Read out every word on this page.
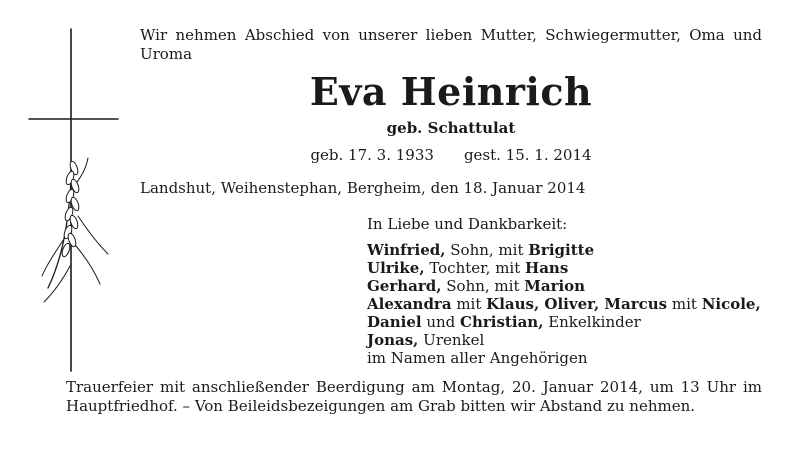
Wir nehmen Abschied von unserer lieben Mutter, Schwiegermutter, Oma und Uroma
Eva Heinrich
geb. Schattulat
geb. 17. 3. 1933 gest. 15. 1. 2014
Landshut, Weihenstephan, Bergheim, den 18. Januar 2014
In Liebe und Dankbarkeit:
Winfried, Sohn, mit Brigitte
Ulrike, Tochter, mit Hans
Gerhard, Sohn, mit Marion
Alexandra mit Klaus, Oliver, Marcus mit Nicole,
Daniel und Christian, Enkelkinder
Jonas, Urenkel
im Namen aller Angehörigen
Trauerfeier mit anschließender Beerdigung am Montag, 20. Januar 2014, um 13 Uhr im Hauptfriedhof. – Von Beileidsbezeigungen am Grab bitten wir Abstand zu nehmen.
